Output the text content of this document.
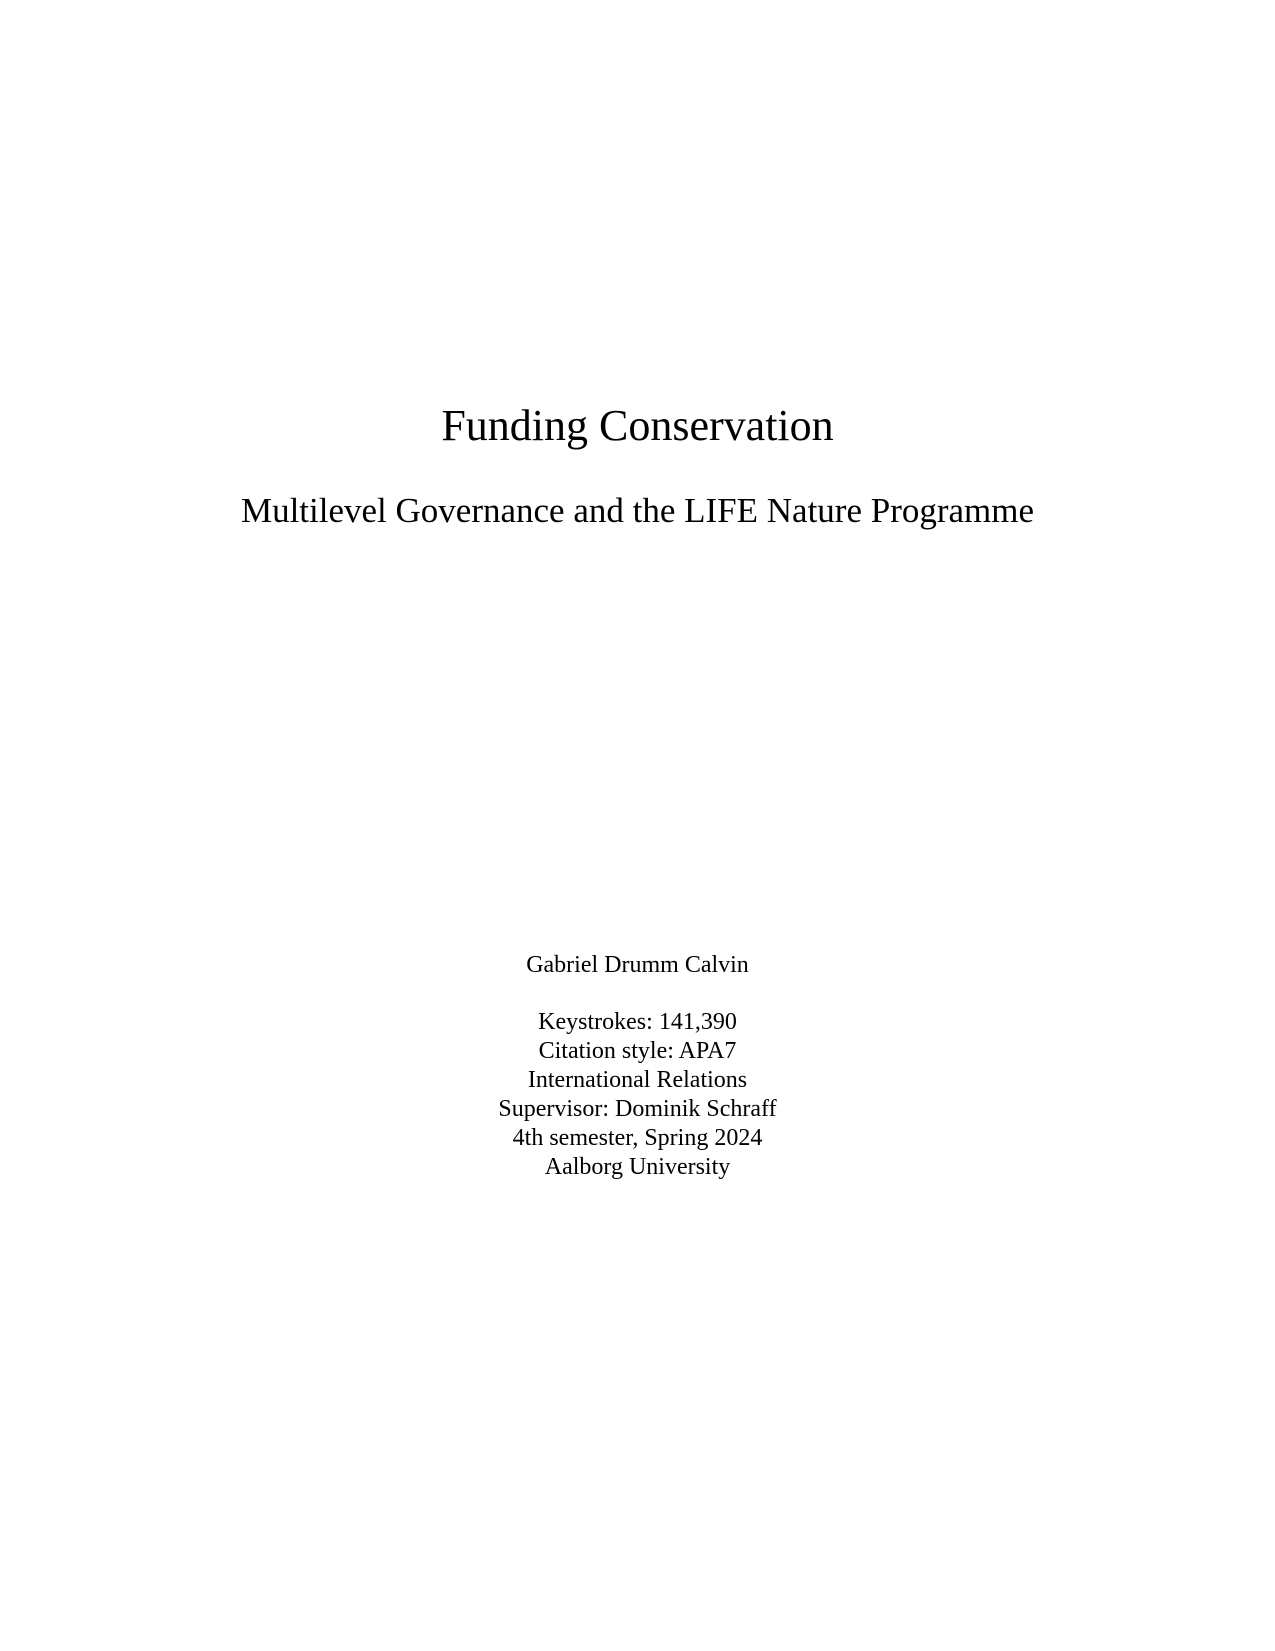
Funding Conservation
Multilevel Governance and the LIFE Nature Programme

Gabriel Drumm Calvin

Keystrokes: 141,390
Citation style: APA7
International Relations
Supervisor: Dominik Schraff
4th semester, Spring 2024
Aalborg University
